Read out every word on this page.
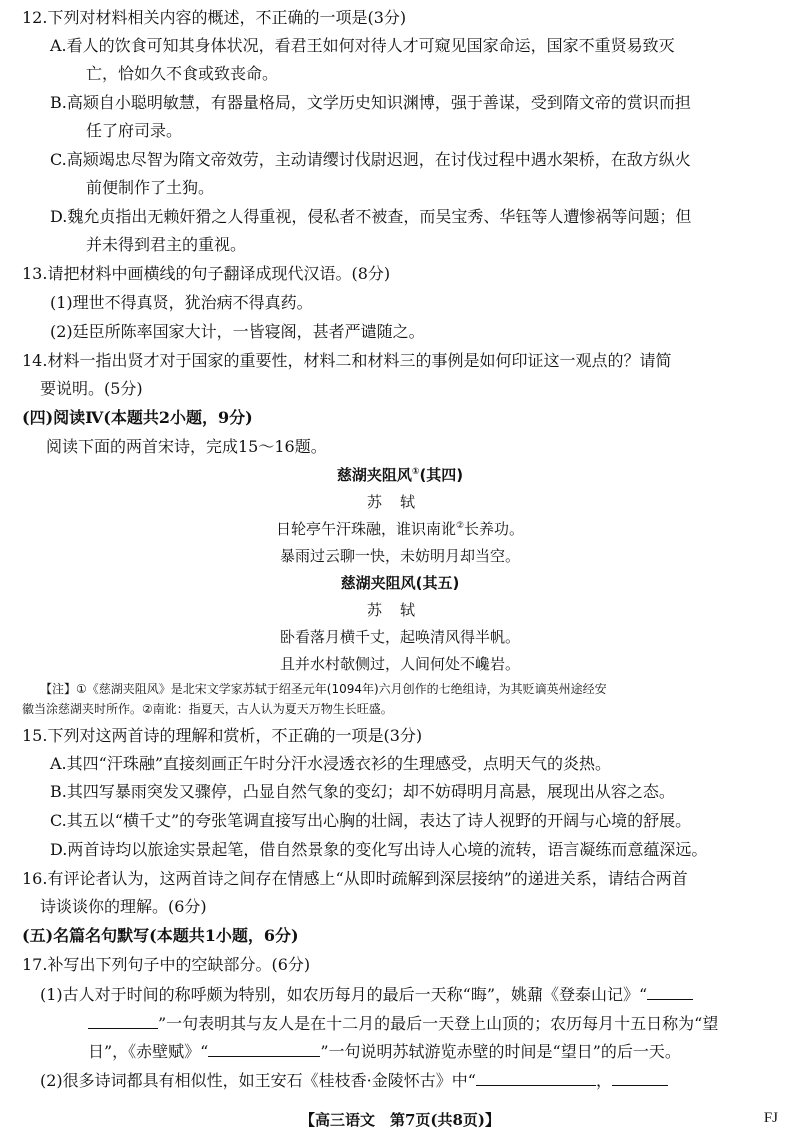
12.下列对材料相关内容的概述，不正确的一项是(3分)
A.看人的饮食可知其身体状况，看君王如何对待人才可窥见国家命运，国家不重贤易致灭
亡，恰如久不食或致丧命。
B.高颎自小聪明敏慧，有器量格局，文学历史知识渊博，强于善谋，受到隋文帝的赏识而担
任了府司录。
C.高颎竭忠尽智为隋文帝效劳，主动请缨讨伐尉迟迥，在讨伐过程中遇水架桥，在敌方纵火
前便制作了土狗。
D.魏允贞指出无赖奸猾之人得重视，侵私者不被查，而吴宝秀、华钰等人遭惨祸等问题；但
并未得到君主的重视。
13.请把材料中画横线的句子翻译成现代汉语。(8分)
(1)理世不得真贤，犹治病不得真药。
(2)廷臣所陈率国家大计，一皆寝阁，甚者严谴随之。
14.材料一指出贤才对于国家的重要性，材料二和材料三的事例是如何印证这一观点的？请简
要说明。(5分)
(四)阅读Ⅳ(本题共2小题，9分)
阅读下面的两首宋诗，完成15～16题。
慈湖夹阻风①(其四)
苏轼
日轮亭午汗珠融，谁识南讹②长养功。
暴雨过云聊一快，未妨明月却当空。
慈湖夹阻风(其五)
苏轼
卧看落月横千丈，起唤清风得半帆。
且并水村欹侧过，人间何处不巉岩。
【注】①《慈湖夹阻风》是北宋文学家苏轼于绍圣元年(1094年)六月创作的七绝组诗，为其贬谪英州途经安
徽当涂慈湖夹时所作。②南讹：指夏天，古人认为夏天万物生长旺盛。
15.下列对这两首诗的理解和赏析，不正确的一项是(3分)
A.其四“汗珠融”直接刻画正午时分汗水浸透衣衫的生理感受，点明天气的炎热。
B.其四写暴雨突发又骤停，凸显自然气象的变幻；却不妨碍明月高悬，展现出从容之态。
C.其五以“横千丈”的夸张笔调直接写出心胸的壮阔，表达了诗人视野的开阔与心境的舒展。
D.两首诗均以旅途实景起笔，借自然景象的变化写出诗人心境的流转，语言凝练而意蕴深远。
16.有评论者认为，这两首诗之间存在情感上“从即时疏解到深层接纳”的递进关系，请结合两首
诗谈谈你的理解。(6分)
(五)名篇名句默写(本题共1小题，6分)
17.补写出下列句子中的空缺部分。(6分)
(1)古人对于时间的称呼颇为特别，如农历每月的最后一天称“晦”，姚鼐《登泰山记》“
”一句表明其与友人是在十二月的最后一天登上山顶的；农历每月十五日称为“望
日”，《赤壁赋》“	”一句说明苏轼游览赤壁的时间是“望日”的后一天。
(2)很多诗词都具有相似性，如王安石《桂枝香·金陵怀古》中“	，
【高三语文　第7页(共8页)】	FJ
